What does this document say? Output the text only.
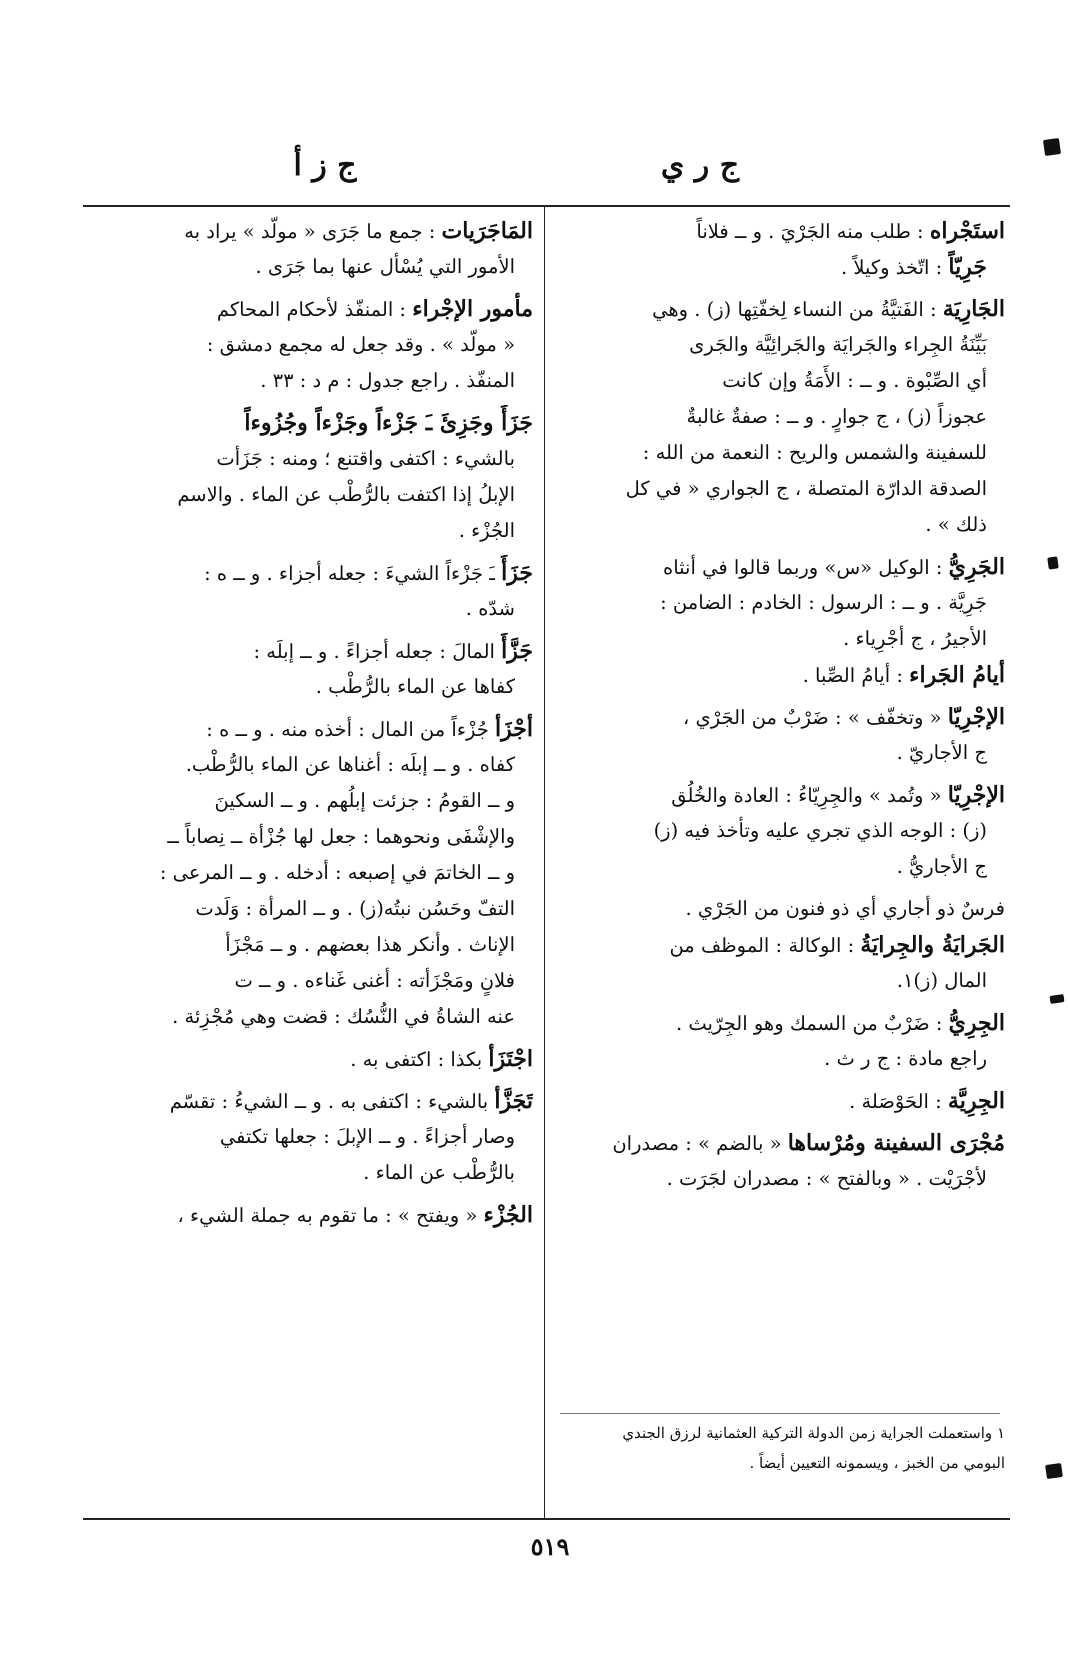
ج ر ي
ج ز أ
استَجْراه : طلب منه الجَرْيَ . و ــ فلاناً
جَرِيّاً : اتّخذ وكيلاً .
الجَارِيَة : الفَتيَّةُ من النساء لِخفّتِها (ز) . وهي
بَيِّنَةُ الجِراء والجَرايَة والجَرائِيَّة والجَرى
أي الصِّبْوة . و ــ : الأَمَةُ وإن كانت
عجوزاً (ز) ، ج جوارٍ . و ــ : صفةٌ غالبةٌ
للسفينة والشمس والريح : النعمة من الله :
الصدقة الدارّة المتصلة ، ج الجواري « في كل
ذلك » .
الجَرِيُّ : الوكيل «س» وربما قالوا في أنثاه
جَرِيَّة . و ــ : الرسول : الخادم : الضامن :
الأجيرُ ، ج أجْرِياء .
أيامُ الجَراء : أيامُ الصِّبا .
الإجْرِيّا « وتخفّف » : ضَرْبٌ من الجَرْي ،
ج الأجاريّ .
الإجْرِيّا « وتُمد » والجِرِيّاءُ : العادة والخُلُق
(ز) : الوجه الذي تجري عليه وتأخذ فيه (ز)
ج الأجاريُّ .
فرسٌ ذو أجاري أي ذو فنون من الجَرْي .
الجَرايَةُ والجِرايَةُ : الوكالة : الموظف من
المال (ز)١.
الجِرِيُّ : ضَرْبٌ من السمك وهو الجِرّيث .
راجع مادة : ج ر ث .
الجِرِيَّة : الحَوْصَلة .
مُجْرَى السفينة ومُرْساها « بالضم » : مصدران
لأجْرَيْت . « وبالفتح » : مصدران لجَرَت .
المَاجَرَيات : جمع ما جَرَى « مولّد » يراد به
الأمور التي يُسْأل عنها بما جَرَى .
مأمور الإجْراء : المنفّذ لأحكام المحاكم
« مولّد » . وقد جعل له مجمع دمشق :
المنفّذ . راجع جدول : م د : ٣٣ .
جَزَأَ وجَزِئَ ـَ جَزْءاً وجَزْءاً وجُزُوءاً
بالشيء : اكتفى واقتنع ؛ ومنه : جَزَأت
الإبلُ إذا اكتفت بالرُّطْب عن الماء . والاسم
الجُزْء .
جَزَأَ ـَ جَزْءاً الشيءَ : جعله أجزاء . و ــ ه :
شدّه .
جَزَّأَ المالَ : جعله أجزاءً . و ــ إبلَه :
كفاها عن الماء بالرُّطْب .
أجْزَأ جُزْءاً من المال : أخذه منه . و ــ ه :
كفاه . و ــ إبلَه : أغناها عن الماء بالرُّطْب.
و ــ القومُ : جزئت إبلُهم . و ــ السكينَ
والإشْفَى ونحوهما : جعل لها جُزْأة ــ نِصاباً ــ
و ــ الخاتمَ في إصبعه : أدخله . و ــ المرعى :
التفّ وحَسُن نبتُه(ز) . و ــ المرأة : وَلَدت
الإناث . وأنكر هذا بعضهم . و ــ مَجْزَأ
فلانٍ ومَجْزَأته : أغنى غَناءه . و ــ ت
عنه الشاةُ في النُّسُك : قضت وهي مُجْزِئة .
اجْتَزَأ بكذا : اكتفى به .
تَجَزَّأ بالشيء : اكتفى به . و ــ الشيءُ : تقسّم
وصار أجزاءً . و ــ الإبلَ : جعلها تكتفي
بالرُّطْب عن الماء .
الجُزْء « ويفتح » : ما تقوم به جملة الشيء ،
١ واستعملت الجراية زمن الدولة التركية العثمانية لرزق الجندي
البومي من الخبز ، ويسمونه التعيين أيضاً .
٥١٩
